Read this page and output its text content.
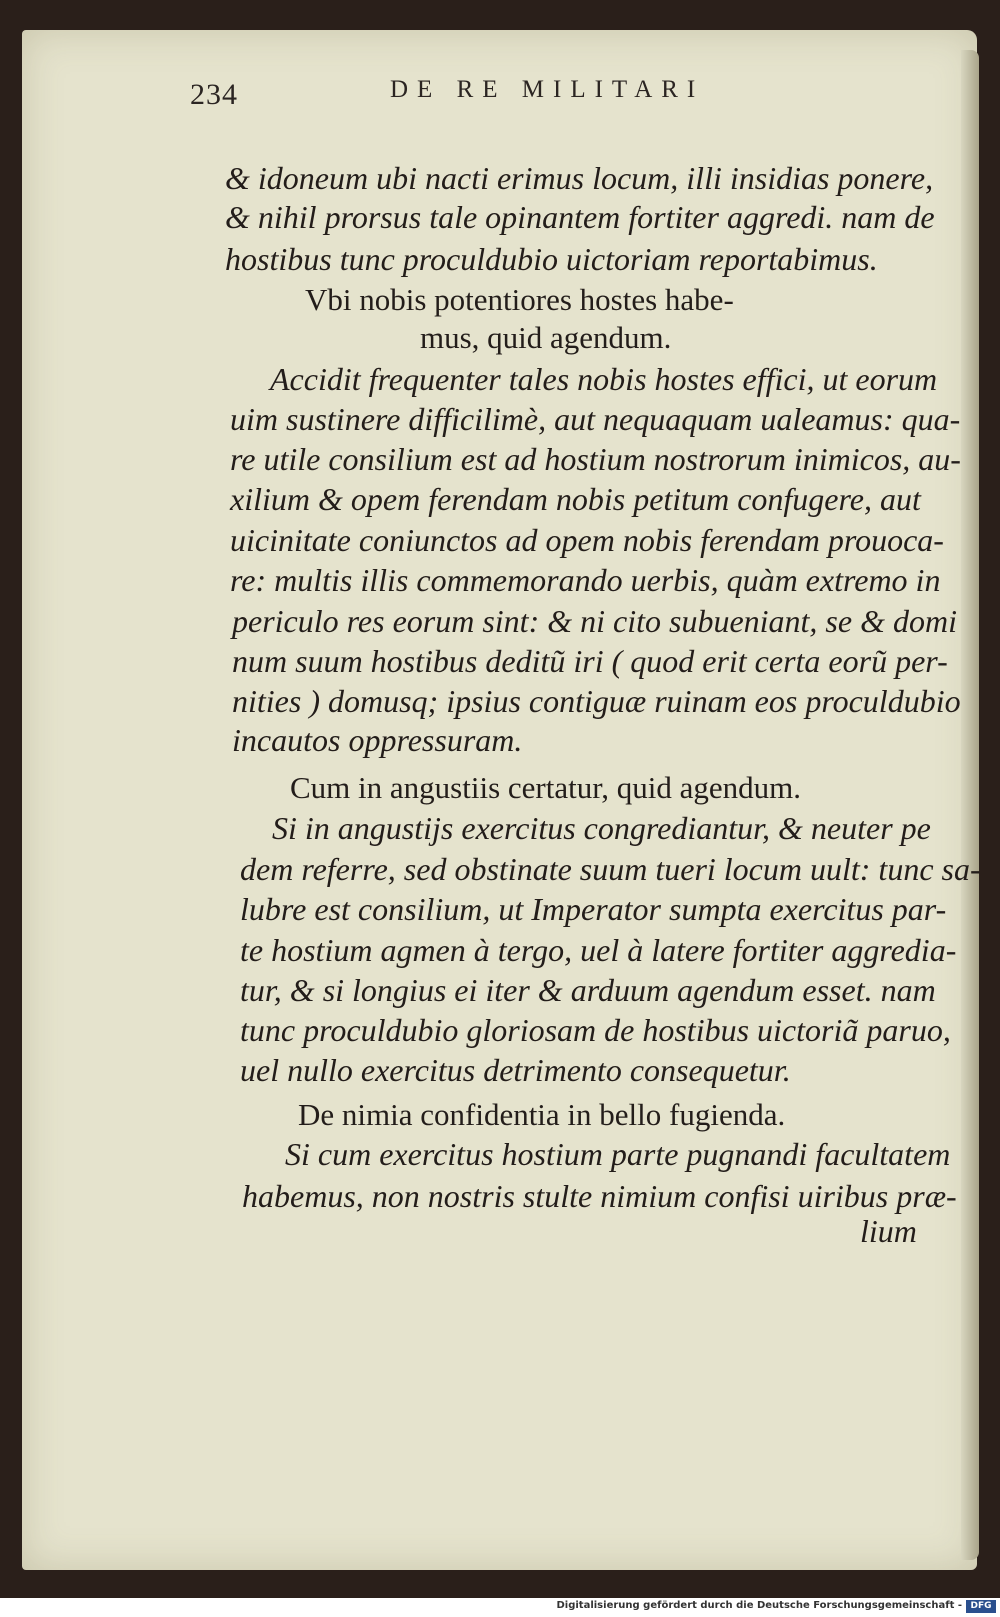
234	DE RE MILITARI
& idoneum ubi nacti erimus locum, illi insidias ponere,
& nihil prorsus tale opinantem fortiter aggredi. nam de
hostibus tunc proculdubio uictoriam reportabimus.
Vbi nobis potentiores hostes habe-
mus, quid agendum.
Accidit frequenter tales nobis hostes effici, ut eorum
uim sustinere difficilimè, aut nequaquam ualeamus: qua-
re utile consilium est ad hostium nostrorum inimicos, au-
xilium & opem ferendam nobis petitum confugere, aut
uicinitate coniunctos ad opem nobis ferendam prouoca-
re: multis illis commemorando uerbis, quàm extremo in
periculo res eorum sint: & ni cito subueniant, se & domi
num suum hostibus deditũ iri ( quod erit certa eorũ per-
nities ) domusq; ipsius contiguæ ruinam eos proculdubio
incautos oppressuram.
Cum in angustiis certatur, quid agendum.
Si in angustijs exercitus congrediantur, & neuter pe
dem referre, sed obstinate suum tueri locum uult: tunc sa-
lubre est consilium, ut Imperator sumpta exercitus par-
te hostium agmen à tergo, uel à latere fortiter aggredia-
tur, & si longius ei iter & arduum agendum esset. nam
tunc proculdubio gloriosam de hostibus uictoriã paruo,
uel nullo exercitus detrimento consequetur.
De nimia confidentia in bello fugienda.
Si cum exercitus hostium parte pugnandi facultatem
habemus, non nostris stulte nimium confisi uiribus præ-
lium
Digitalisierung gefördert durch die Deutsche Forschungsgemeinschaft - DFG
